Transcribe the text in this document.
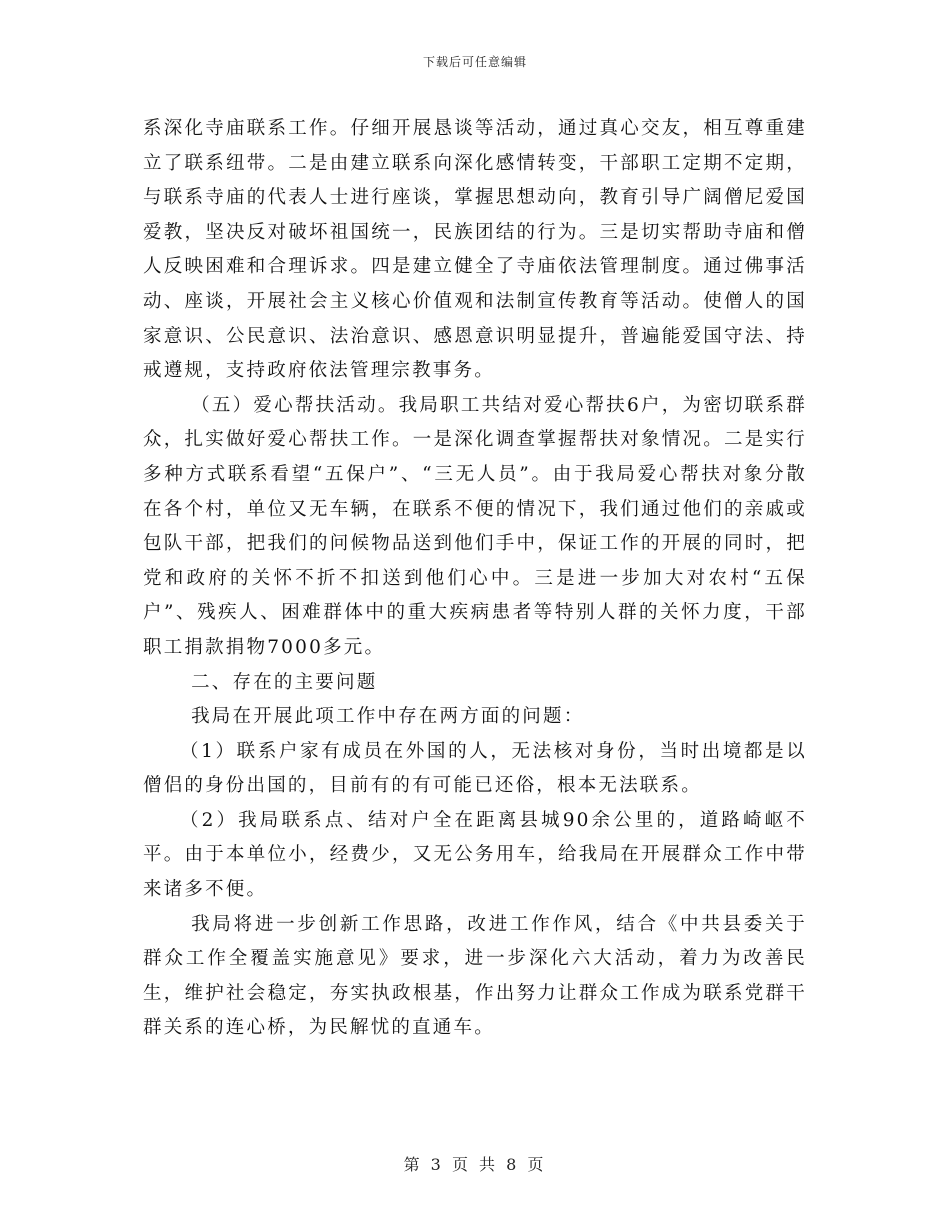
下载后可任意编辑

系深化寺庙联系工作。仔细开展恳谈等活动，通过真心交友，相互尊重建立了联系纽带。二是由建立联系向深化感情转变，干部职工定期不定期，与联系寺庙的代表人士进行座谈，掌握思想动向，教育引导广阔僧尼爱国爱教，坚决反对破坏祖国统一，民族团结的行为。三是切实帮助寺庙和僧人反映困难和合理诉求。四是建立健全了寺庙依法管理制度。通过佛事活动、座谈，开展社会主义核心价值观和法制宣传教育等活动。使僧人的国家意识、公民意识、法治意识、感恩意识明显提升，普遍能爱国守法、持戒遵规，支持政府依法管理宗教事务。

（五）爱心帮扶活动。我局职工共结对爱心帮扶6户，为密切联系群众，扎实做好爱心帮扶工作。一是深化调查掌握帮扶对象情况。二是实行多种方式联系看望“五保户”、“三无人员”。由于我局爱心帮扶对象分散在各个村，单位又无车辆，在联系不便的情况下，我们通过他们的亲戚或包队干部，把我们的问候物品送到他们手中，保证工作的开展的同时，把党和政府的关怀不折不扣送到他们心中。三是进一步加大对农村“五保户”、残疾人、困难群体中的重大疾病患者等特别人群的关怀力度，干部职工捐款捐物7000多元。

二、存在的主要问题

我局在开展此项工作中存在两方面的问题：

（1）联系户家有成员在外国的人，无法核对身份，当时出境都是以僧侣的身份出国的，目前有的有可能已还俗，根本无法联系。

（2）我局联系点、结对户全在距离县城90余公里的，道路崎岖不平。由于本单位小，经费少，又无公务用车，给我局在开展群众工作中带来诸多不便。

我局将进一步创新工作思路，改进工作作风，结合《中共县委关于群众工作全覆盖实施意见》要求，进一步深化六大活动，着力为改善民生，维护社会稳定，夯实执政根基，作出努力让群众工作成为联系党群干群关系的连心桥，为民解忧的直通车。

第 3 页 共 8 页
